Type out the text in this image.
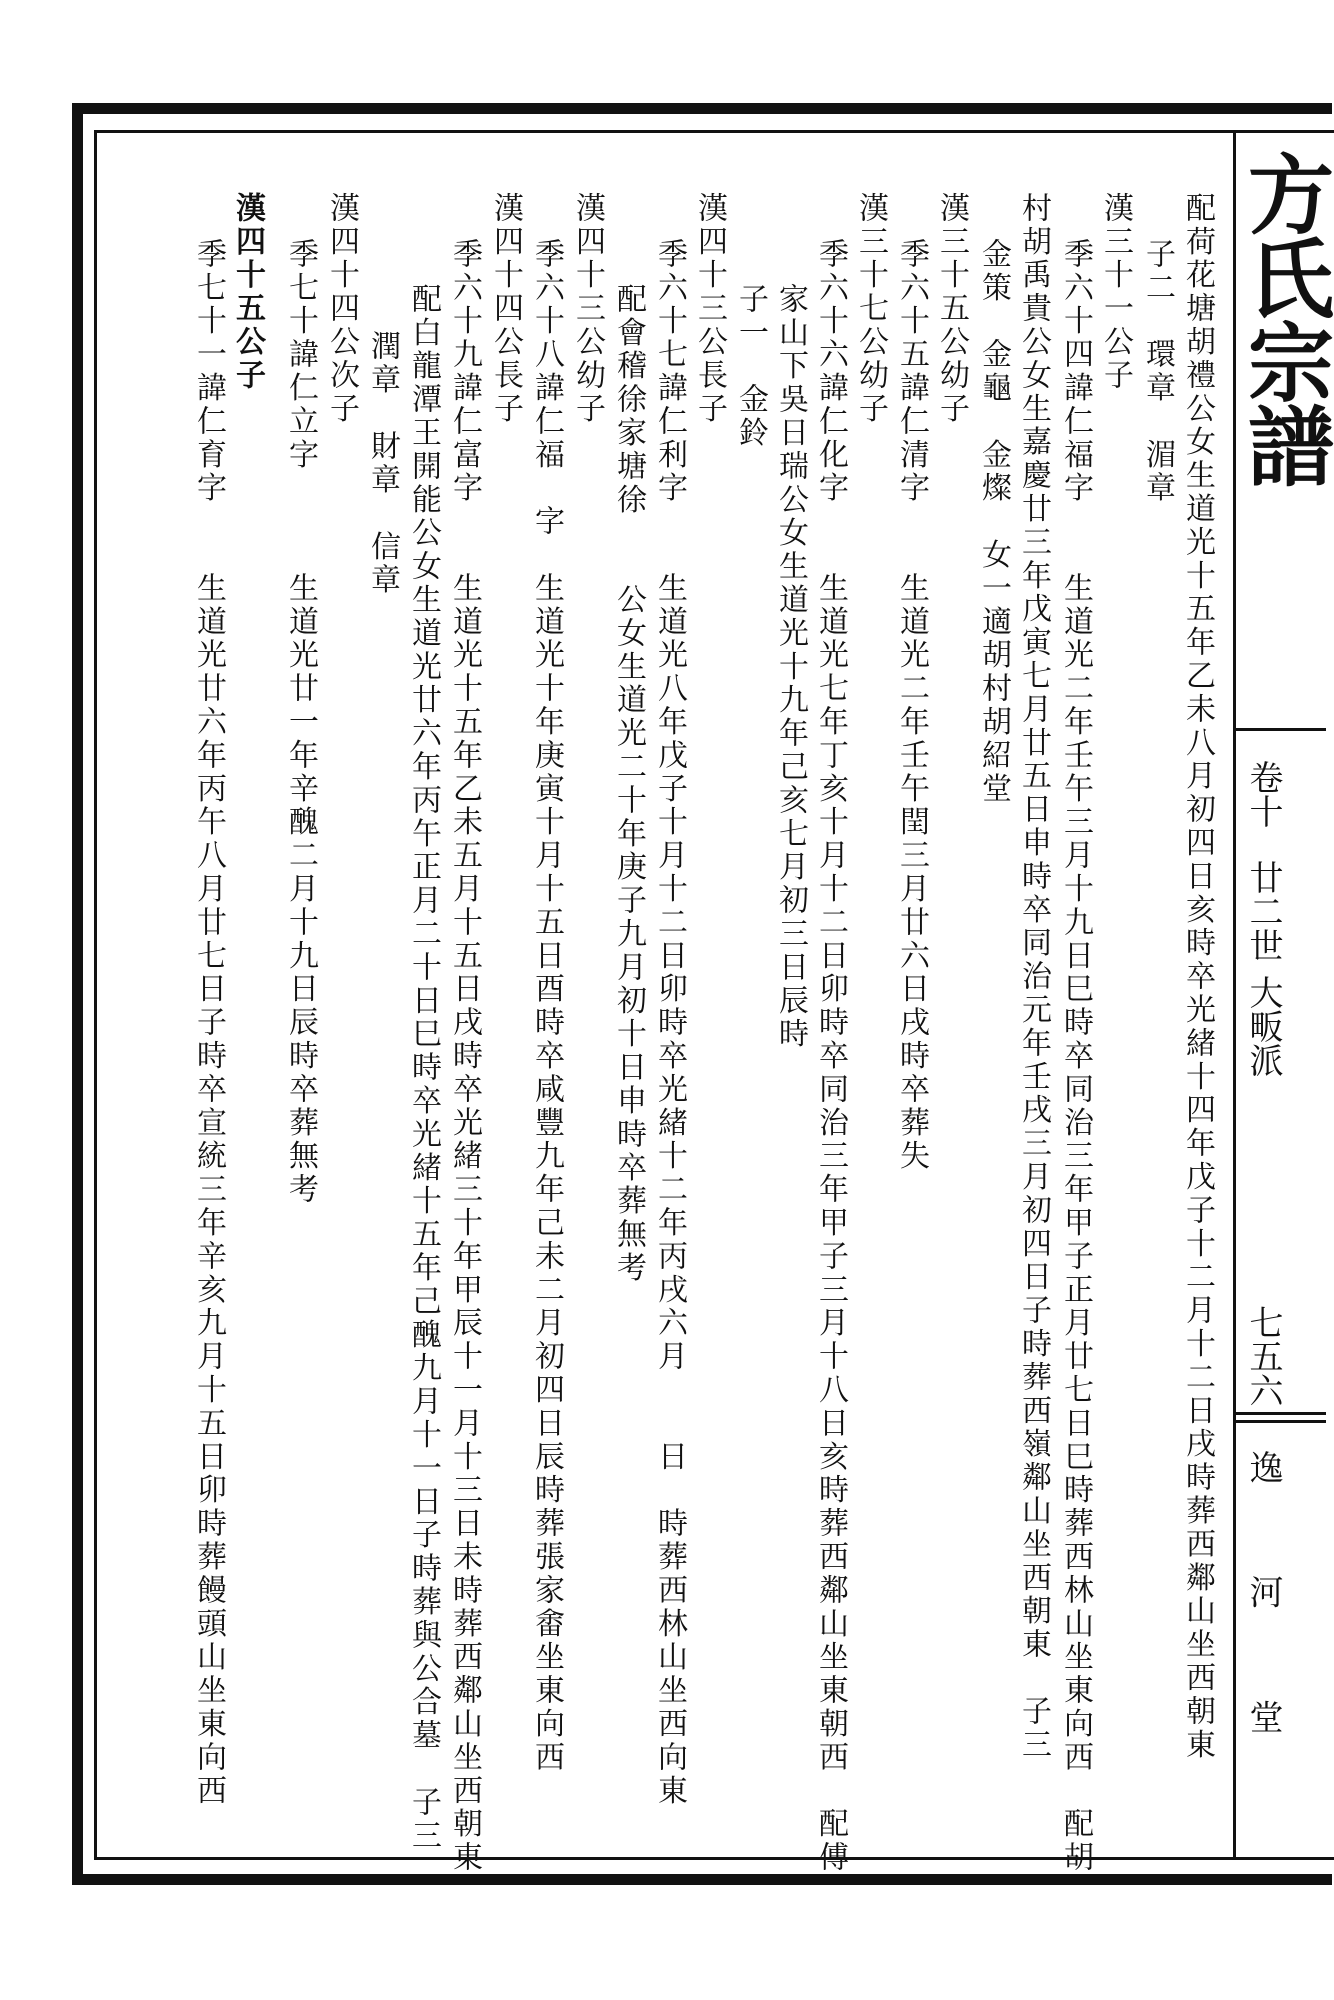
方氏宗譜
卷十
廿二世
大畈派
七五六
逸 河 堂
配荷花塘胡禮公女生道光十五年乙未八月初四日亥時卒光緒十四年戊子十二月十二日戌時葬西鄰山坐西朝東
子二　環章　湄章
漢三十一公子
季六十四諱仁福字　　生道光二年壬午三月十九日巳時卒同治三年甲子正月廿七日巳時葬西林山坐東向西　配胡
村胡禹貴公女生嘉慶廿三年戊寅七月廿五日申時卒同治元年壬戌三月初四日子時葬西嶺鄰山坐西朝東　子三
金策　金龜　金燦　女一適胡村胡紹堂
漢三十五公幼子
季六十五諱仁清字　　生道光二年壬午閏三月廿六日戌時卒葬失
漢三十七公幼子
季六十六諱仁化字　　生道光七年丁亥十月十二日卯時卒同治三年甲子三月十八日亥時葬西鄰山坐東朝西　配傅
家山下吳日瑞公女生道光十九年己亥七月初三日辰時
子一　金鈴
漢四十三公長子
季六十七諱仁利字　　生道光八年戊子十月十二日卯時卒光緒十二年丙戌六月　　日　時葬西林山坐西向東
配會稽徐家塘徐　　公女生道光二十年庚子九月初十日申時卒葬無考
漢四十三公幼子
季六十八諱仁福　字　生道光十年庚寅十月十五日酉時卒咸豐九年己未二月初四日辰時葬張家畬坐東向西
漢四十四公長子
季六十九諱仁富字　　生道光十五年乙未五月十五日戌時卒光緒三十年甲辰十一月十三日未時葬西鄰山坐西朝東
配白龍潭王開能公女生道光廿六年丙午正月二十日巳時卒光緒十五年己醜九月十一日子時葬與公合墓　子三
潤章　財章　信章
漢四十四公次子
季七十諱仁立字　　　生道光廿一年辛醜二月十九日辰時卒葬無考
漢四十五公子
季七十一諱仁育字　　生道光廿六年丙午八月廿七日子時卒宣統三年辛亥九月十五日卯時葬饅頭山坐東向西
